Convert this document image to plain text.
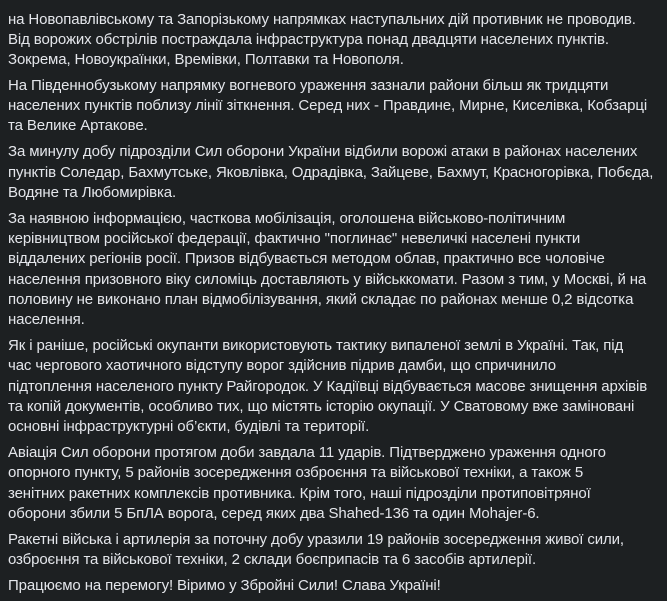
на Новопавлівському та Запорізькому напрямках наступальних дій противник не проводив.
Від ворожих обстрілів постраждала інфраструктура понад двадцяти населених пунктів.
Зокрема, Новоукраїнки, Времівки, Полтавки та Новополя.

На Південнобузькому напрямку вогневого ураження зазнали райони більш як тридцяти
населених пунктів поблизу лінії зіткнення. Серед них - Правдине, Мирне, Киселівка, Кобзарці
та Велике Артакове.

За минулу добу підрозділи Сил оборони України відбили ворожі атаки в районах населених
пунктів Соледар, Бахмутське, Яковлівка, Одрадівка, Зайцеве, Бахмут, Красногорівка, Побєда,
Водяне та Любомирівка.

За наявною інформацією, часткова мобілізація, оголошена військово-політичним
керівництвом російської федерації, фактично "поглинає" невеличкі населені пункти
віддалених регіонів росії. Призов відбувається методом облав, практично все чоловіче
населення призовного віку силоміць доставляють у військкомати. Разом з тим, у Москві, й на
половину не виконано план відмобілізування, який складає по районах менше 0,2 відсотка
населення.

Як і раніше, російські окупанти використовують тактику випаленої землі в Україні. Так, під
час чергового хаотичного відступу ворог здійснив підрив дамби, що спричинило
підтоплення населеного пункту Райгородок. У Кадіївці відбувається масове знищення архівів
та копій документів, особливо тих, що містять історію окупації. У Сватовому вже заміновані
основні інфраструктурні об’єкти, будівлі та території.

Авіація Сил оборони протягом доби завдала 11 ударів. Підтверджено ураження одного
опорного пункту, 5 районів зосередження озброєння та військової техніки, а також 5
зенітних ракетних комплексів противника. Крім того, наші підрозділи протиповітряної
оборони збили 5 БпЛА ворога, серед яких два Shahed-136 та один Mohajer-6.

Ракетні війська і артилерія за поточну добу уразили 19 районів зосередження живої сили,
озброєння та військової техніки, 2 склади боєприпасів та 6 засобів артилерії.

Працюємо на перемогу! Віримо у Збройні Сили! Слава Україні!
